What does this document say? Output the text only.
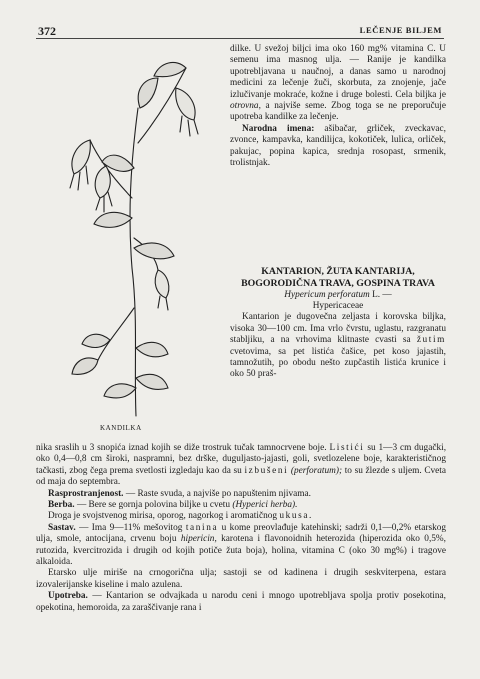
372	LEČENJE BILJEM
KANDILKA

dilke. U svežoj biljci ima oko 160 mg% vitamina C. U semenu ima masnog ulja. — Ranije je kandilka upotrebljavana u naučnoj, a danas samo u narodnoj medicini za lečenje žuči, skorbuta, za znojenje, jače izlučivanje mokraće, kožne i druge bolesti. Cela biljka je otrovna, a najviše seme. Zbog toga se ne preporučuje upotreba kandilke za lečenje.

Narodna imena: ašibačar, grliček, zveckavac, zvonce, kampavka, kandilijca, kokotiček, lulica, orliček, pakujac, popina kapica, srednja rosopast, srmenik, trolistnjak.

KANTARION, ŽUTA KANTARIJA, BOGORODIČNA TRAVA, GOSPINA TRAVA

Hypericum perforatum L. —
Hypericaceae

Kantarion je dugovečna zeljasta i korovska biljka, visoka 30—100 cm. Ima vrlo čvrstu, uglastu, razgranatu stabljiku, a na vrhovima klitnaste cvasti sa žutim cvetovima, sa pet listića čašice, pet koso jajastih, tamnožutih, po obodu nešto zupčastih listića krunice i oko 50 praš-

nika sraslih u 3 snopića iznad kojih se diže trostruk tučak tamnocrvene boje. Listići su 1—3 cm dugački, oko 0,4—0,8 cm široki, naspramni, bez drške, duguljasto-jajasti, goli, svetlozelene boje, karakterističnog tačkasti, zbog čega prema svetlosti izgledaju kao da su izbušeni (perforatum); to su žlezde s uljem. Cveta od maja do septembra.

Rasprostranjenost. — Raste svuda, a najviše po napuštenim njivama.

Berba. — Bere se gornja polovina biljke u cvetu (Hyperici herba).

Droga je svojstvenog mirisa, oporog, nagorkog i aromatičnog ukusa.

Sastav. — Ima 9—11% mešovitog tanina u kome preovlađuje katehinski; sadrži 0,1—0,2% etarskog ulja, smole, antocijana, crvenu boju hipericin, karotena i flavonoidnih heterozida (hiperozida oko 0,5%, rutozida, kvercitrozida i drugih od kojih potiče žuta boja), holina, vitamina C (oko 30 mg%) i tragove alkaloida.

Etarsko ulje miriše na crnogorična ulja; sastoji se od kadinena i drugih seskviterpena, estara izovalerijanske kiseline i malo azulena.

Upotreba. — Kantarion se odvajkada u narodu ceni i mnogo upotrebljava spolja protiv posekotina, opekotina, hemoroida, za zaraščivanje rana i
